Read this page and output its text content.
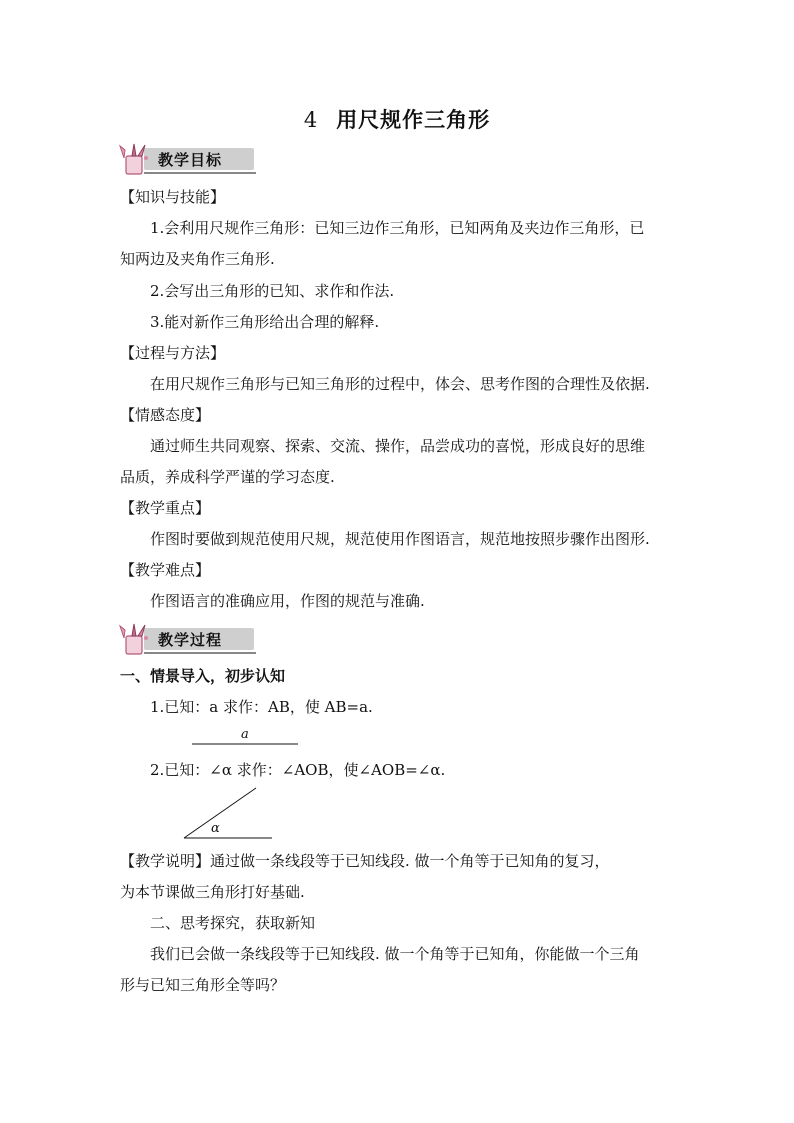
4 用尺规作三角形
教学目标
【知识与技能】
1.会利用尺规作三角形：已知三边作三角形，已知两角及夹边作三角形，已
知两边及夹角作三角形.
2.会写出三角形的已知、求作和作法.
3.能对新作三角形给出合理的解释.
【过程与方法】
在用尺规作三角形与已知三角形的过程中，体会、思考作图的合理性及依据.
【情感态度】
通过师生共同观察、探索、交流、操作，品尝成功的喜悦，形成良好的思维
品质，养成科学严谨的学习态度.
【教学重点】
作图时要做到规范使用尺规，规范使用作图语言，规范地按照步骤作出图形.
【教学难点】
作图语言的准确应用，作图的规范与准确.
教学过程
一、情景导入，初步认知
1.已知：a 求作：AB，使 AB=a.
a
2.已知：∠α 求作：∠AOB，使∠AOB=∠α.
α
【教学说明】通过做一条线段等于已知线段. 做一个角等于已知角的复习，
为本节课做三角形打好基础.
二、思考探究，获取新知
我们已会做一条线段等于已知线段. 做一个角等于已知角，你能做一个三角
形与已知三角形全等吗？
